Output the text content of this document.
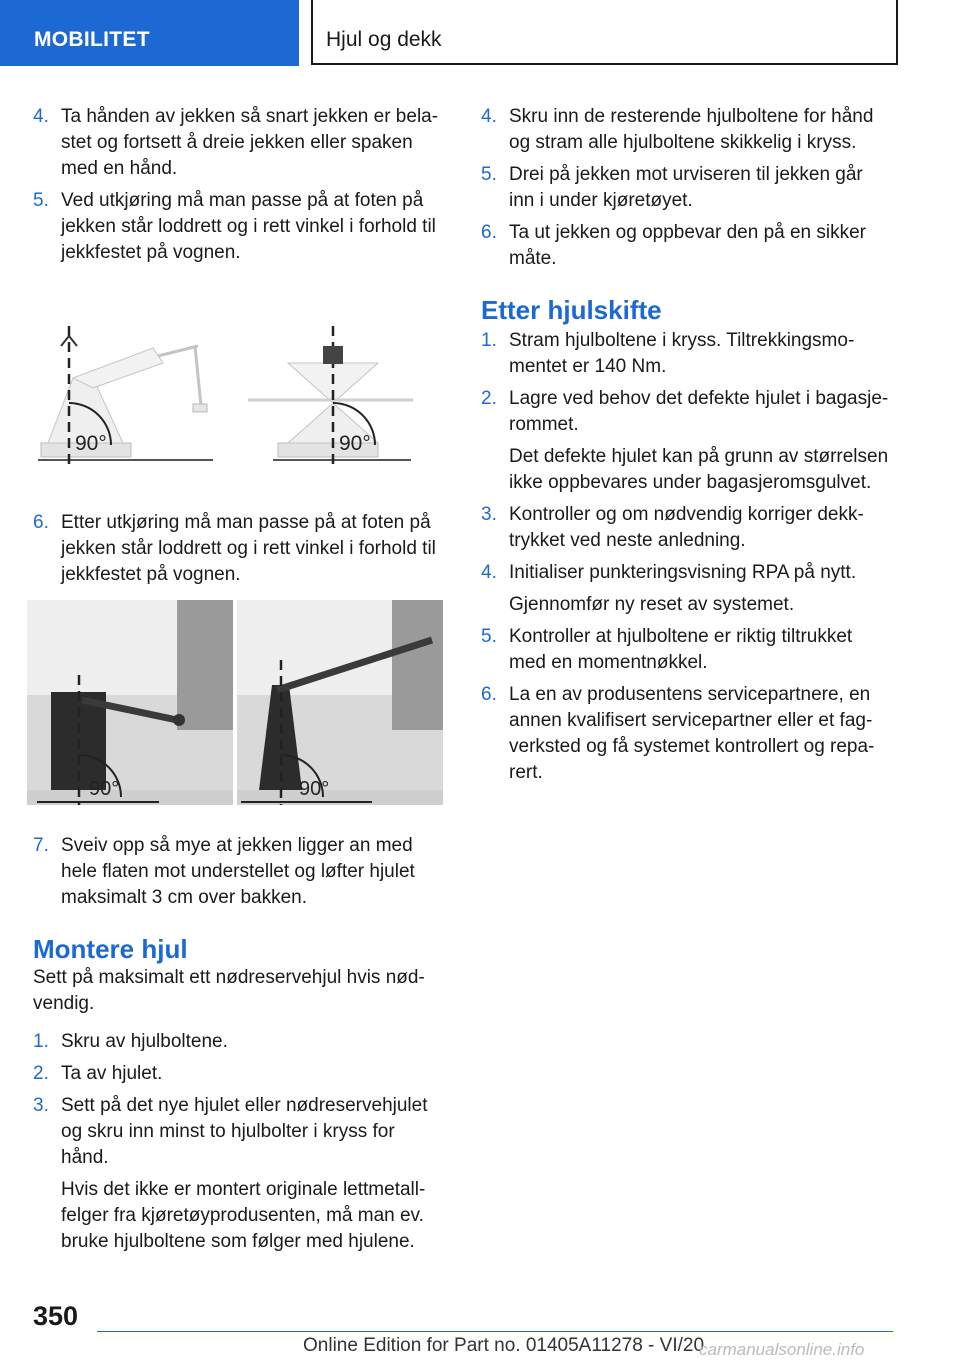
MOBILITET	Hjul og dekk
4. Ta hånden av jekken så snart jekken er bela-stet og fortsett å dreie jekken eller spaken med en hånd.
5. Ved utkjøring må man passe på at foten på jekken står loddrett og i rett vinkel i forhold til jekkfestet på vognen.
90°	90°
6. Etter utkjøring må man passe på at foten på jekken står loddrett og i rett vinkel i forhold til jekkfestet på vognen.
90°	90°
7. Sveiv opp så mye at jekken ligger an med hele flaten mot understellet og løfter hjulet maksimalt 3 cm over bakken.
Montere hjul

Sett på maksimalt ett nødreservehjul hvis nød-vendig.

1. Skru av hjulboltene.
2. Ta av hjulet.
3. Sett på det nye hjulet eller nødreservehjulet og skru inn minst to hjulbolter i kryss for hånd.

Hvis det ikke er montert originale lettmetall-felger fra kjøretøyprodusenten, må man ev. bruke hjulboltene som følger med hjulene.

4. Skru inn de resterende hjulboltene for hånd og stram alle hjulboltene skikkelig i kryss.
5. Drei på jekken mot urviseren til jekken går inn i under kjøretøyet.
6. Ta ut jekken og oppbevar den på en sikker måte.
Etter hjulskifte
1. Stram hjulboltene i kryss. Tiltrekkingsmo-mentet er 140 Nm.
2. Lagre ved behov det defekte hjulet i bagasje-rommet.

Det defekte hjulet kan på grunn av størrelsen ikke oppbevares under bagasjeromsgulvet.

3. Kontroller og om nødvendig korriger dekk-trykket ved neste anledning.
4. Initialiser punkteringsvisning RPA på nytt.

Gjennomfør ny reset av systemet.

5. Kontroller at hjulboltene er riktig tiltrukket med en momentnøkkel.
6. La en av produsentens servicepartnere, en annen kvalifisert servicepartner eller et fag-verksted og få systemet kontrollert og repa-rert.
350
Online Edition for Part no. 01405A11278 - VI/20
carmanualsonline.info
